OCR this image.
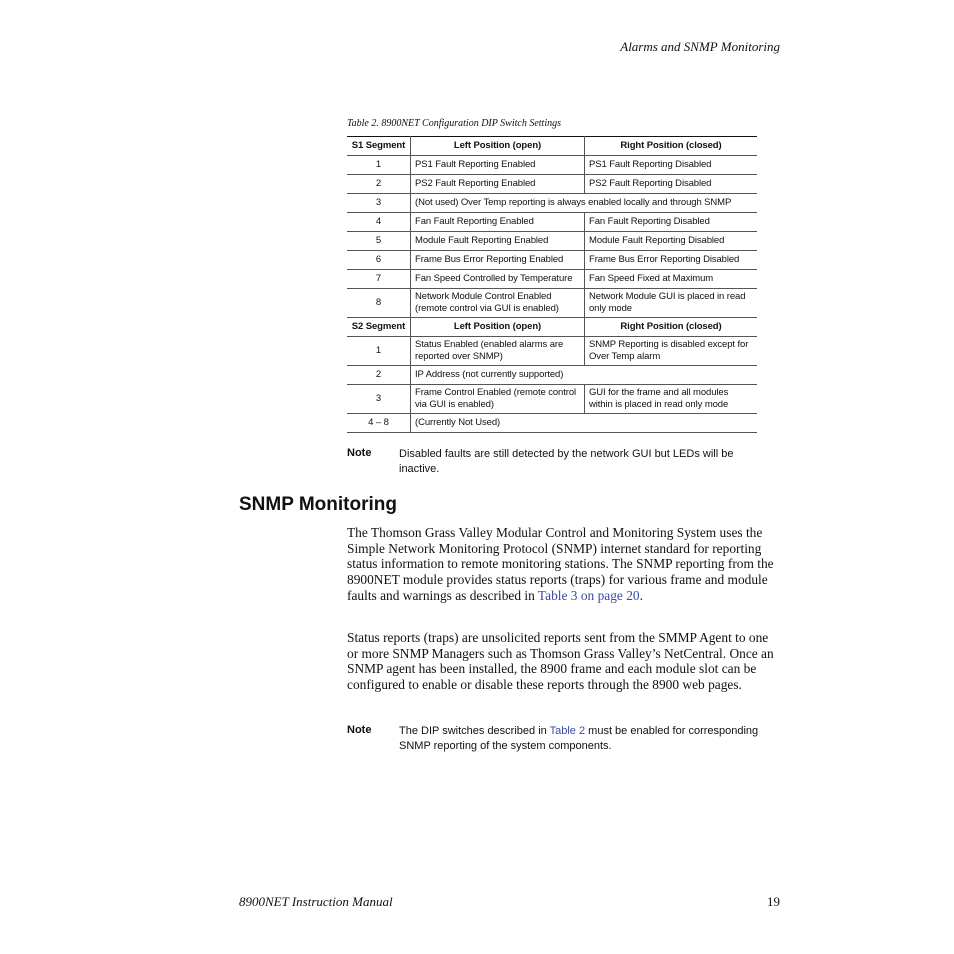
Alarms and SNMP Monitoring
Table 2. 8900NET Configuration DIP Switch Settings
S1 Segment	Left Position (open)	Right Position (closed)
1	PS1 Fault Reporting Enabled	PS1 Fault Reporting Disabled
2	PS2 Fault Reporting Enabled	PS2 Fault Reporting Disabled
3	(Not used) Over Temp reporting is always enabled locally and through SNMP	
4	Fan Fault Reporting Enabled	Fan Fault Reporting Disabled
5	Module Fault Reporting Enabled	Module Fault Reporting Disabled
6	Frame Bus Error Reporting Enabled	Frame Bus Error Reporting Disabled
7	Fan Speed Controlled by Temperature	Fan Speed Fixed at Maximum
8	Network Module Control Enabled (remote control via GUI is enabled)	Network Module GUI is placed in read only mode
S2 Segment	Left Position (open)	Right Position (closed)
1	Status Enabled (enabled alarms are reported over SNMP)	SNMP Reporting is disabled except for Over Temp alarm
2	IP Address (not currently supported)	
3	Frame Control Enabled (remote control via GUI is enabled)	GUI for the frame and all modules within is placed in read only mode
4 – 8	(Currently Not Used)	
Note	Disabled faults are still detected by the network GUI but LEDs will be inactive.
SNMP Monitoring
The Thomson Grass Valley Modular Control and Monitoring System uses the Simple Network Monitoring Protocol (SNMP) internet standard for reporting status information to remote monitoring stations. The SNMP reporting from the 8900NET module provides status reports (traps) for various frame and module faults and warnings as described in Table 3 on page 20.
Status reports (traps) are unsolicited reports sent from the SMMP Agent to one or more SNMP Managers such as Thomson Grass Valley’s NetCentral. Once an SNMP agent has been installed, the 8900 frame and each module slot can be configured to enable or disable these reports through the 8900 web pages.
Note	The DIP switches described in Table 2 must be enabled for corresponding SNMP reporting of the system components.
8900NET Instruction Manual	19
